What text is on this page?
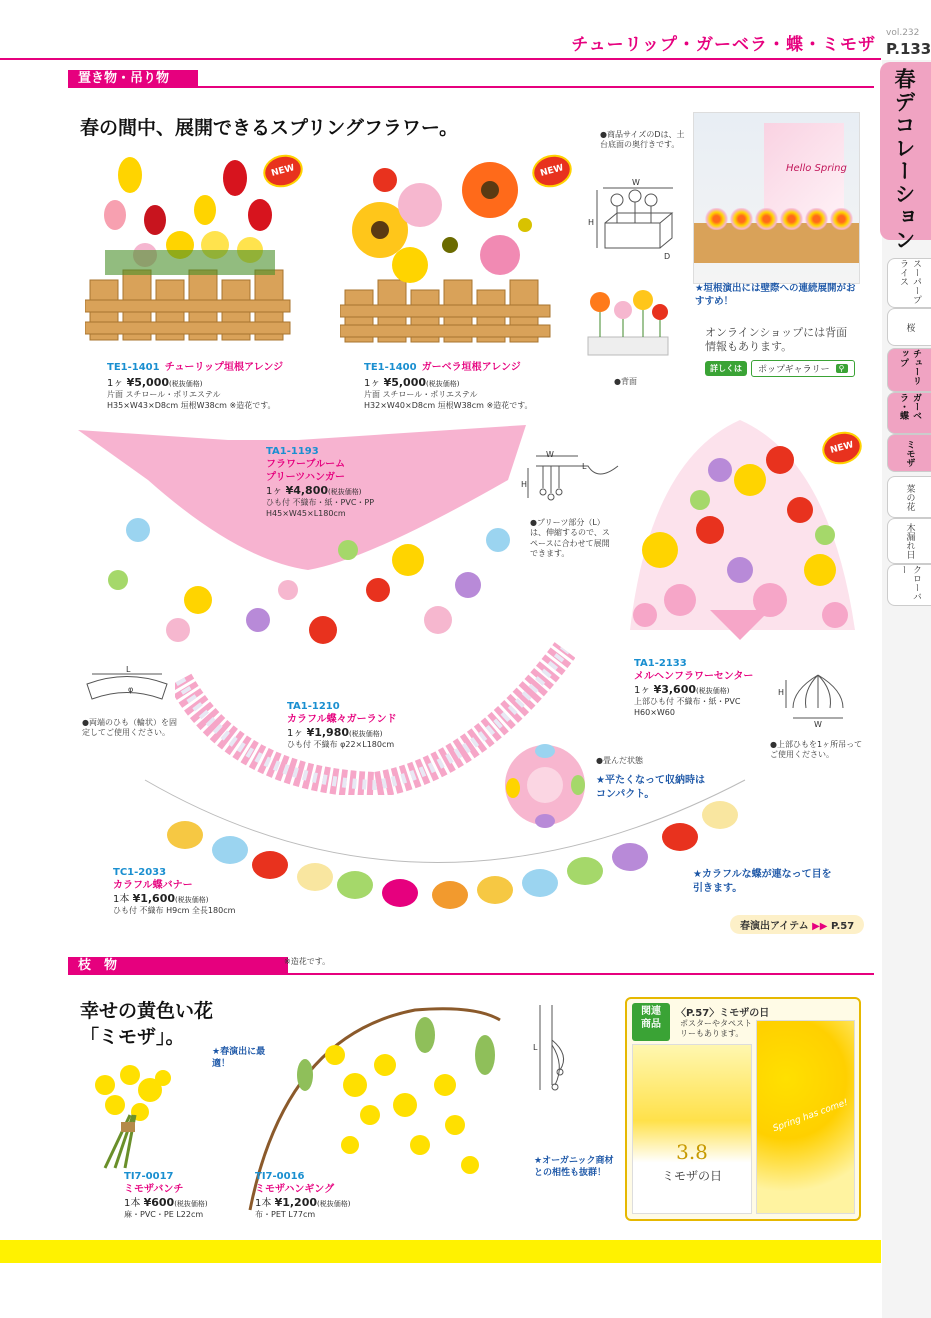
チューリップ・ガーベラ・蝶・ミモザ
vol.232
P.133
春デコレーション
スーパープライス
桜
チューリップ
ガーベラ・蝶
ミモザ
菜の花
木漏れ日
クローバー
置き物・吊り物
春の間中、展開できるスプリングフラワー。
NEW	NEW
TE1-1401 チューリップ垣根アレンジ
1ヶ ¥5,000(税抜価格)
片面 スチロール・ポリエステル
H35×W43×D8cm 垣根W38cm ※造花です。
TE1-1400 ガーベラ垣根アレンジ
1ヶ ¥5,000(税抜価格)
片面 スチロール・ポリエステル
H32×W40×D8cm 垣根W38cm ※造花です。
●商品サイズのDは、土台底面の奥行きです。
W
H
D
●背面
Hello Spring
★垣根演出には壁際への連続展開がおすすめ！
オンラインショップには背面情報もあります。
詳しくは	ポップギャラリー	⚲
TA1-1193
フラワーブルーム
プリーツハンガー
1ヶ ¥4,800(税抜価格)
ひも付 不織布・紙・PVC・PP
H45×W45×L180cm
W
L
H
●プリーツ部分（L）は、伸縮するので、スペースに合わせて展開できます。
NEW
TA1-2133
メルヘンフラワーセンター
1ヶ ¥3,600(税抜価格)
上部ひも付 不織布・紙・PVC
H60×W60
H
W
●上部ひもを1ヶ所吊ってご使用ください。
L
φ
●両端のひも（輪状）を固定してご使用ください。
TA1-1210
カラフル蝶々ガーランド
1ヶ ¥1,980(税抜価格)
ひも付 不織布 φ22×L180cm
●畳んだ状態
★平たくなって収納時はコンパクト。
TC1-2033
カラフル蝶バナー
1本 ¥1,600(税抜価格)
ひも付 不織布 H9cm 全長180cm
★カラフルな蝶が連なって目を引きます。
春演出アイテム ▶▶ P.57
枝　物	※造花です。
幸せの黄色い花
「ミモザ」。
★春演出に最適！
L
★オーガニック商材との相性も抜群！
TI7-0017
ミモザバンチ
1本 ¥600(税抜価格)
麻・PVC・PE L22cm
TI7-0016
ミモザハンギング
1本 ¥1,200(税抜価格)
布・PET L77cm
関連
商品
〈P.57〉ミモザの日
ポスターやタペストリーもあります。
3.8
ミモザの日
Spring has come!
